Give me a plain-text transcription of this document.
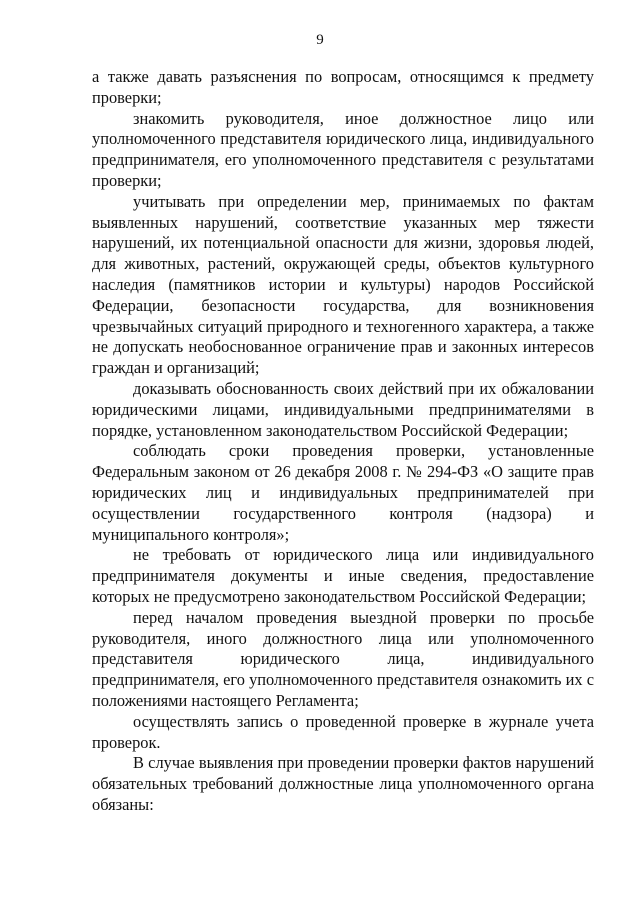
9

а также давать разъяснения по вопросам, относящимся к предмету проверки;

знакомить руководителя, иное должностное лицо или уполномоченного представителя юридического лица, индивидуального предпринимателя, его уполномоченного представителя с результатами проверки;

учитывать при определении мер, принимаемых по фактам выявленных нарушений, соответствие указанных мер тяжести нарушений, их потенциальной опасности для жизни, здоровья людей, для животных, растений, окружающей среды, объектов культурного наследия (памятников истории и культуры) народов Российской Федерации, безопасности государства, для возникновения чрезвычайных ситуаций природного и техногенного характера, а также не допускать необоснованное ограничение прав и законных интересов граждан и организаций;

доказывать обоснованность своих действий при их обжаловании юридическими лицами, индивидуальными предпринимателями в порядке, установленном законодательством Российской Федерации;

соблюдать сроки проведения проверки, установленные Федеральным законом от 26 декабря 2008 г. № 294-ФЗ «О защите прав юридических лиц и индивидуальных предпринимателей при осуществлении государственного контроля (надзора) и муниципального контроля»;

не требовать от юридического лица или индивидуального предпринимателя документы и иные сведения, предоставление которых не предусмотрено законодательством Российской Федерации;

перед началом проведения выездной проверки по просьбе руководителя, иного должностного лица или уполномоченного представителя юридического лица, индивидуального предпринимателя, его уполномоченного представителя ознакомить их с положениями настоящего Регламента;

осуществлять запись о проведенной проверке в журнале учета проверок.

В случае выявления при проведении проверки фактов нарушений обязательных требований должностные лица уполномоченного органа обязаны:
